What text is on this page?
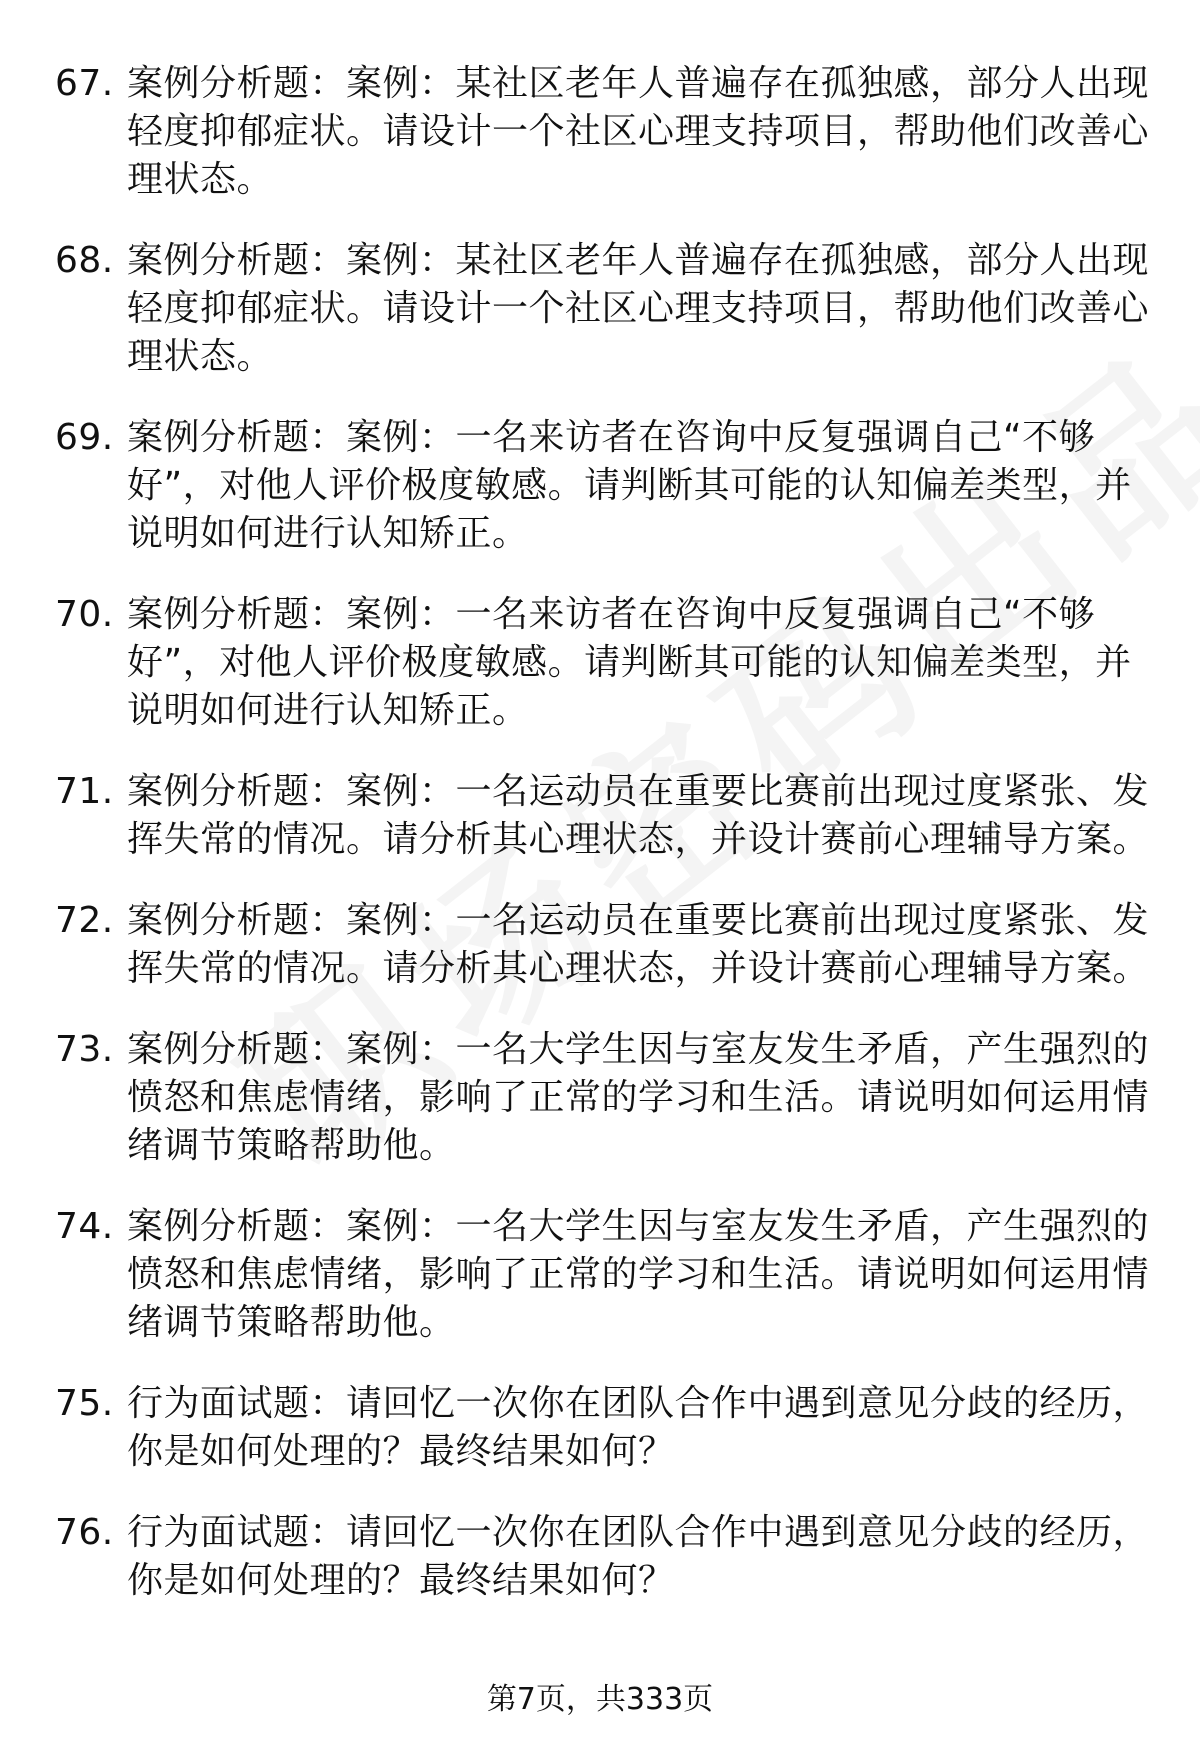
67. 案例分析题：案例：某社区老年人普遍存在孤独感，部分人出现轻度抑郁症状。请设计一个社区心理支持项目，帮助他们改善心理状态。
68. 案例分析题：案例：某社区老年人普遍存在孤独感，部分人出现轻度抑郁症状。请设计一个社区心理支持项目，帮助他们改善心理状态。
69. 案例分析题：案例：一名来访者在咨询中反复强调自己“不够好”，对他人评价极度敏感。请判断其可能的认知偏差类型，并说明如何进行认知矫正。
70. 案例分析题：案例：一名来访者在咨询中反复强调自己“不够好”，对他人评价极度敏感。请判断其可能的认知偏差类型，并说明如何进行认知矫正。
71. 案例分析题：案例：一名运动员在重要比赛前出现过度紧张、发挥失常的情况。请分析其心理状态，并设计赛前心理辅导方案。
72. 案例分析题：案例：一名运动员在重要比赛前出现过度紧张、发挥失常的情况。请分析其心理状态，并设计赛前心理辅导方案。
73. 案例分析题：案例：一名大学生因与室友发生矛盾，产生强烈的愤怒和焦虑情绪，影响了正常的学习和生活。请说明如何运用情绪调节策略帮助他。
74. 案例分析题：案例：一名大学生因与室友发生矛盾，产生强烈的愤怒和焦虑情绪，影响了正常的学习和生活。请说明如何运用情绪调节策略帮助他。
75. 行为面试题：请回忆一次你在团队合作中遇到意见分歧的经历，你是如何处理的？最终结果如何？
76. 行为面试题：请回忆一次你在团队合作中遇到意见分歧的经历，你是如何处理的？最终结果如何？
第7页，共333页
